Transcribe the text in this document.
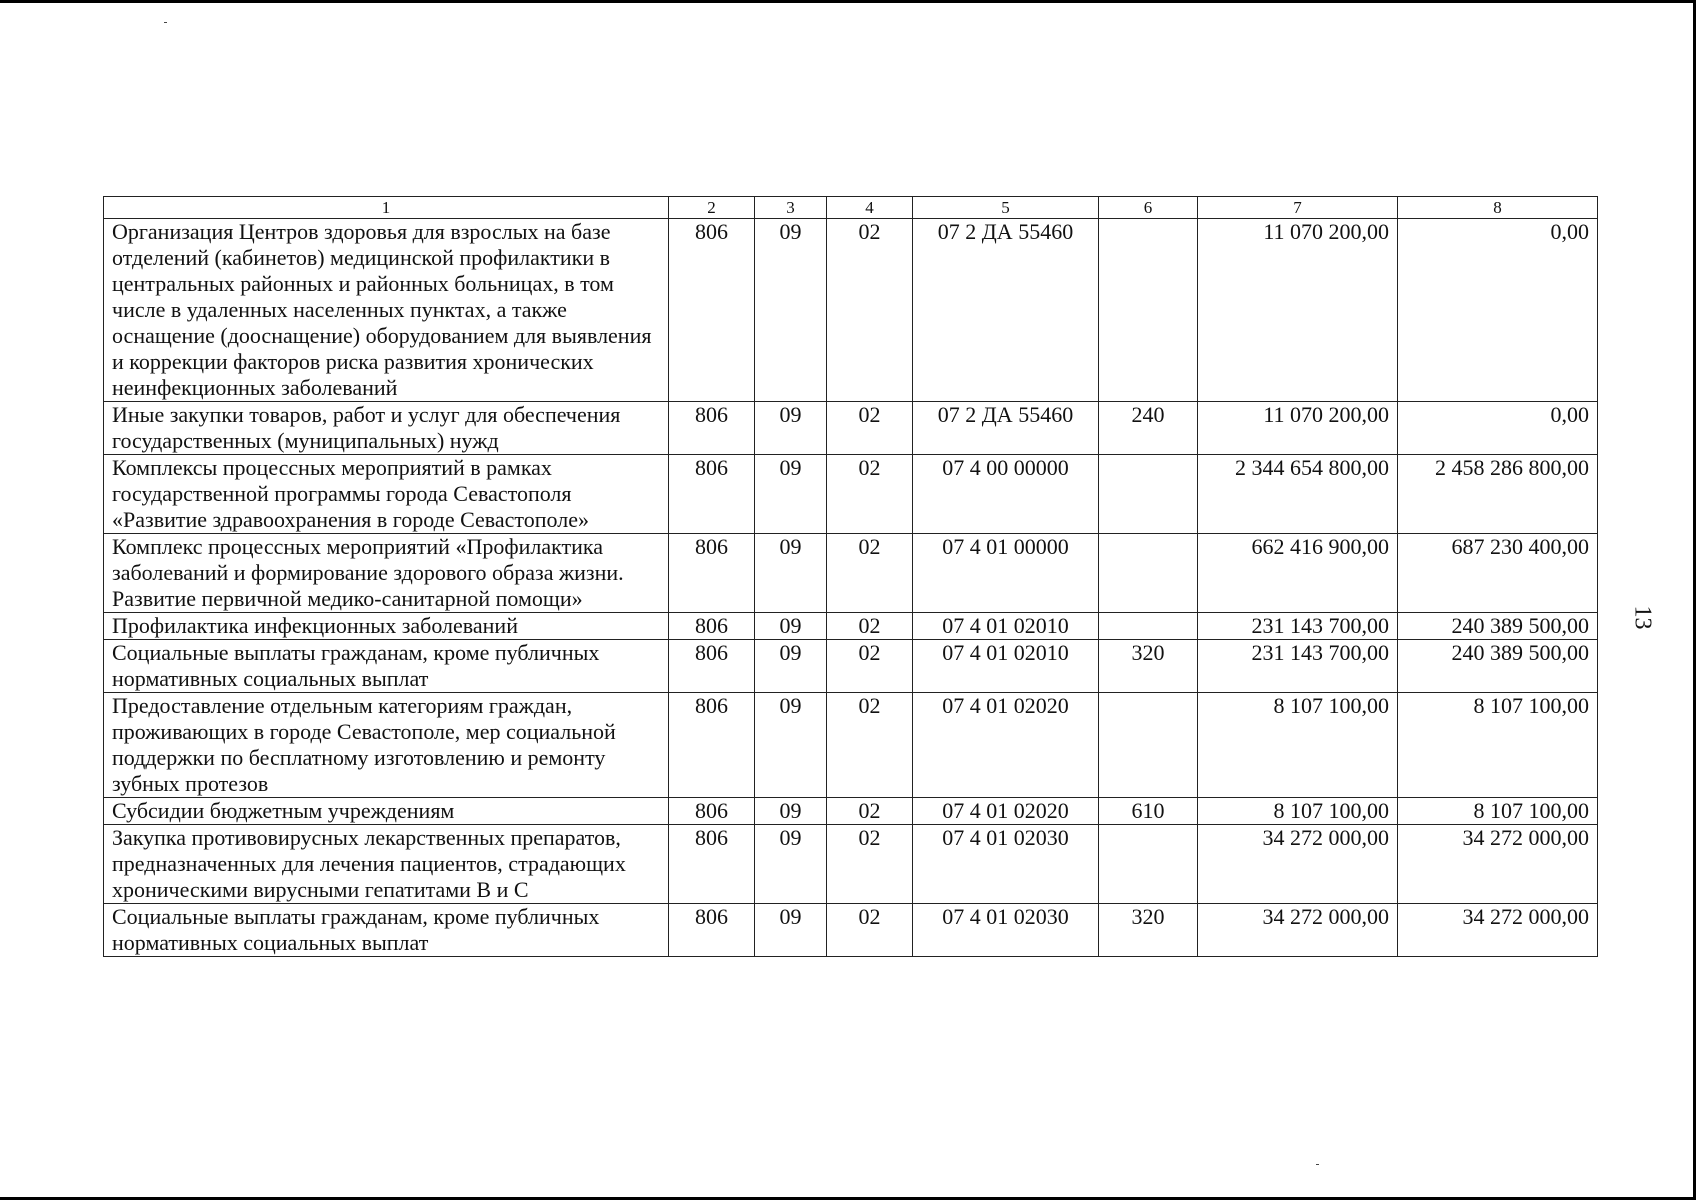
13
1	2	3	4	5	6	7	8
Организация Центров здоровья для взрослых на базе отделений (кабинетов) медицинской профилактики в центральных районных и районных больницах, в том числе в удаленных населенных пунктах, а также оснащение (дооснащение) оборудованием для выявления и коррекции факторов риска развития хронических неинфекционных заболеваний	806	09	02	07 2 ДА 55460		11 070 200,00	0,00
Иные закупки товаров, работ и услуг для обеспечения государственных (муниципальных) нужд	806	09	02	07 2 ДА 55460	240	11 070 200,00	0,00
Комплексы процессных мероприятий в рамках государственной программы города Севастополя «Развитие здравоохранения в городе Севастополе»	806	09	02	07 4 00 00000		2 344 654 800,00	2 458 286 800,00
Комплекс процессных мероприятий «Профилактика заболеваний и формирование здорового образа жизни. Развитие первичной медико-санитарной помощи»	806	09	02	07 4 01 00000		662 416 900,00	687 230 400,00
Профилактика инфекционных заболеваний	806	09	02	07 4 01 02010		231 143 700,00	240 389 500,00
Социальные выплаты гражданам, кроме публичных нормативных социальных выплат	806	09	02	07 4 01 02010	320	231 143 700,00	240 389 500,00
Предоставление отдельным категориям граждан, проживающих в городе Севастополе, мер социальной поддержки по бесплатному изготовлению и ремонту зубных протезов	806	09	02	07 4 01 02020		8 107 100,00	8 107 100,00
Субсидии бюджетным учреждениям	806	09	02	07 4 01 02020	610	8 107 100,00	8 107 100,00
Закупка противовирусных лекарственных препаратов, предназначенных для лечения пациентов, страдающих хроническими вирусными гепатитами B и C	806	09	02	07 4 01 02030		34 272 000,00	34 272 000,00
Социальные выплаты гражданам, кроме публичных нормативных социальных выплат	806	09	02	07 4 01 02030	320	34 272 000,00	34 272 000,00
